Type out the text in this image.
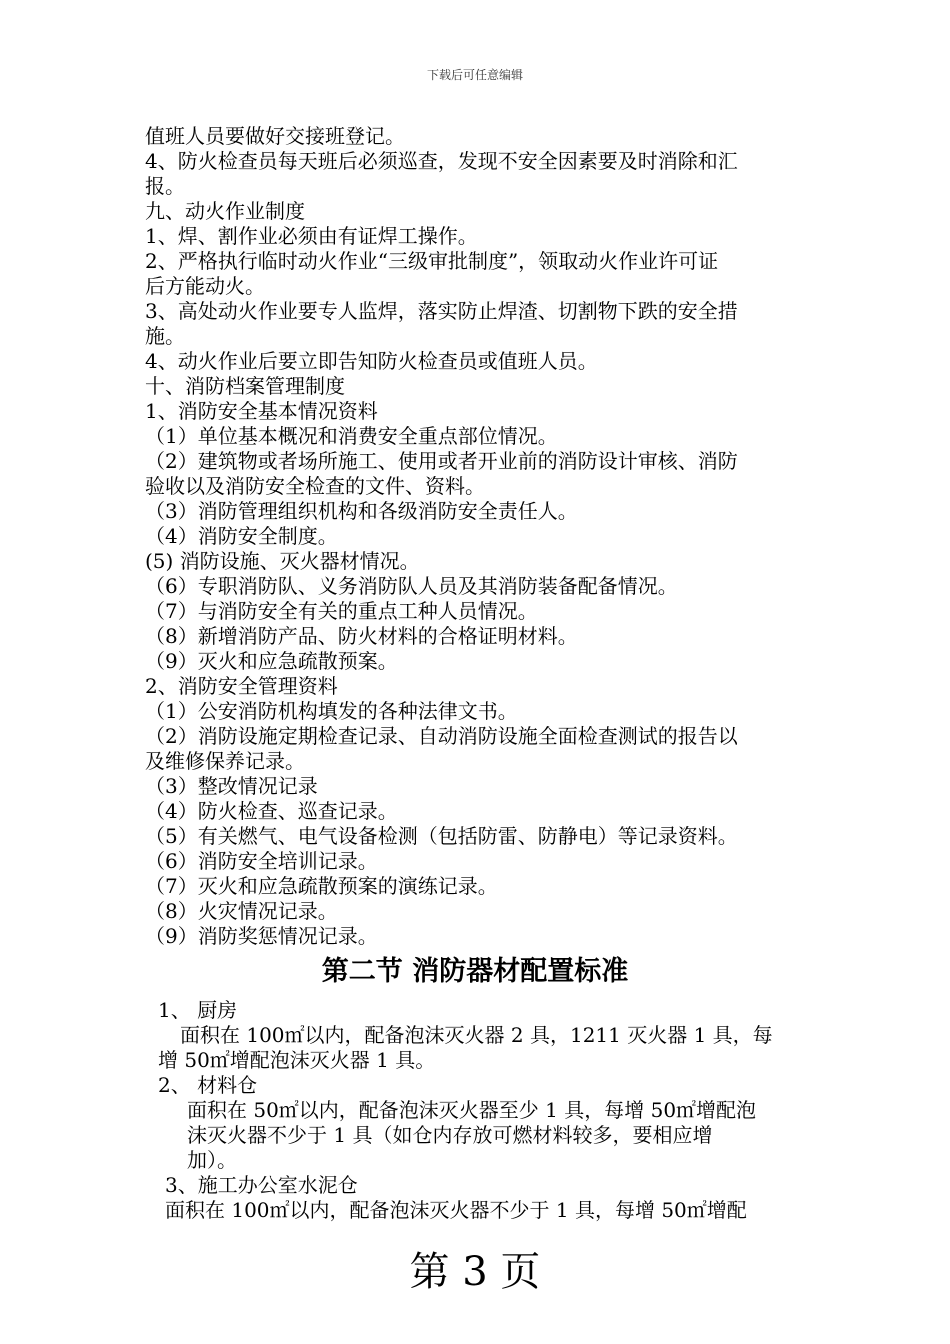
下载后可任意编辑
值班人员要做好交接班登记。
4、防火检查员每天班后必须巡查，发现不安全因素要及时消除和汇
报。
九、动火作业制度
1、焊、割作业必须由有证焊工操作。
2、严格执行临时动火作业“三级审批制度”，领取动火作业许可证
后方能动火。
3、高处动火作业要专人监焊，落实防止焊渣、切割物下跌的安全措
施。
4、动火作业后要立即告知防火检查员或值班人员。
十、消防档案管理制度
1、消防安全基本情况资料
（1）单位基本概况和消费安全重点部位情况。
（2）建筑物或者场所施工、使用或者开业前的消防设计审核、消防
验收以及消防安全检查的文件、资料。
（3）消防管理组织机构和各级消防安全责任人。
（4）消防安全制度。
(5) 消防设施、灭火器材情况。
（6）专职消防队、义务消防队人员及其消防装备配备情况。
（7）与消防安全有关的重点工种人员情况。
（8）新增消防产品、防火材料的合格证明材料。
（9）灭火和应急疏散预案。
2、消防安全管理资料
（1）公安消防机构填发的各种法律文书。
（2）消防设施定期检查记录、自动消防设施全面检查测试的报告以
及维修保养记录。
（3）整改情况记录
（4）防火检查、巡查记录。
（5）有关燃气、电气设备检测（包括防雷、防静电）等记录资料。
（6）消防安全培训记录。
（7）灭火和应急疏散预案的演练记录。
（8）火灾情况记录。
（9）消防奖惩情况记录。
第二节 消防器材配置标准
1、 厨房
面积在 100㎡以内，配备泡沫灭火器 2 具，1211 灭火器 1 具，每
增 50㎡增配泡沫灭火器 1 具。
2、 材料仓
面积在 50㎡以内，配备泡沫灭火器至少 1 具，每增 50㎡增配泡
沫灭火器不少于 1 具（如仓内存放可燃材料较多，要相应增
加）。
3、施工办公室水泥仓
面积在 100㎡以内，配备泡沫灭火器不少于 1 具，每增 50㎡增配
第 3 页
